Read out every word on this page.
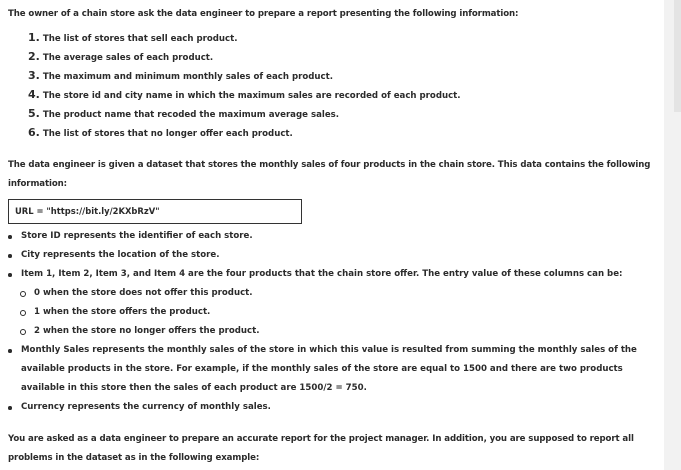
The owner of a chain store ask the data engineer to prepare a report presenting the following information:
1. The list of stores that sell each product.
2. The average sales of each product.
3. The maximum and minimum monthly sales of each product.
4. The store id and city name in which the maximum sales are recorded of each product.
5. The product name that recoded the maximum average sales.
6. The list of stores that no longer offer each product.
The data engineer is given a dataset that stores the monthly sales of four products in the chain store. This data contains the following
information:
URL = "https://bit.ly/2KXbRzV"
Store ID represents the identifier of each store.
City represents the location of the store.
Item 1, Item 2, Item 3, and Item 4 are the four products that the chain store offer. The entry value of these columns can be:
0 when the store does not offer this product.
1 when the store offers the product.
2 when the store no longer offers the product.
Monthly Sales represents the monthly sales of the store in which this value is resulted from summing the monthly sales of the
available products in the store. For example, if the monthly sales of the store are equal to 1500 and there are two products
available in this store then the sales of each product are 1500/2 = 750.
Currency represents the currency of monthly sales.
You are asked as a data engineer to prepare an accurate report for the project manager. In addition, you are supposed to report all
problems in the dataset as in the following example:
